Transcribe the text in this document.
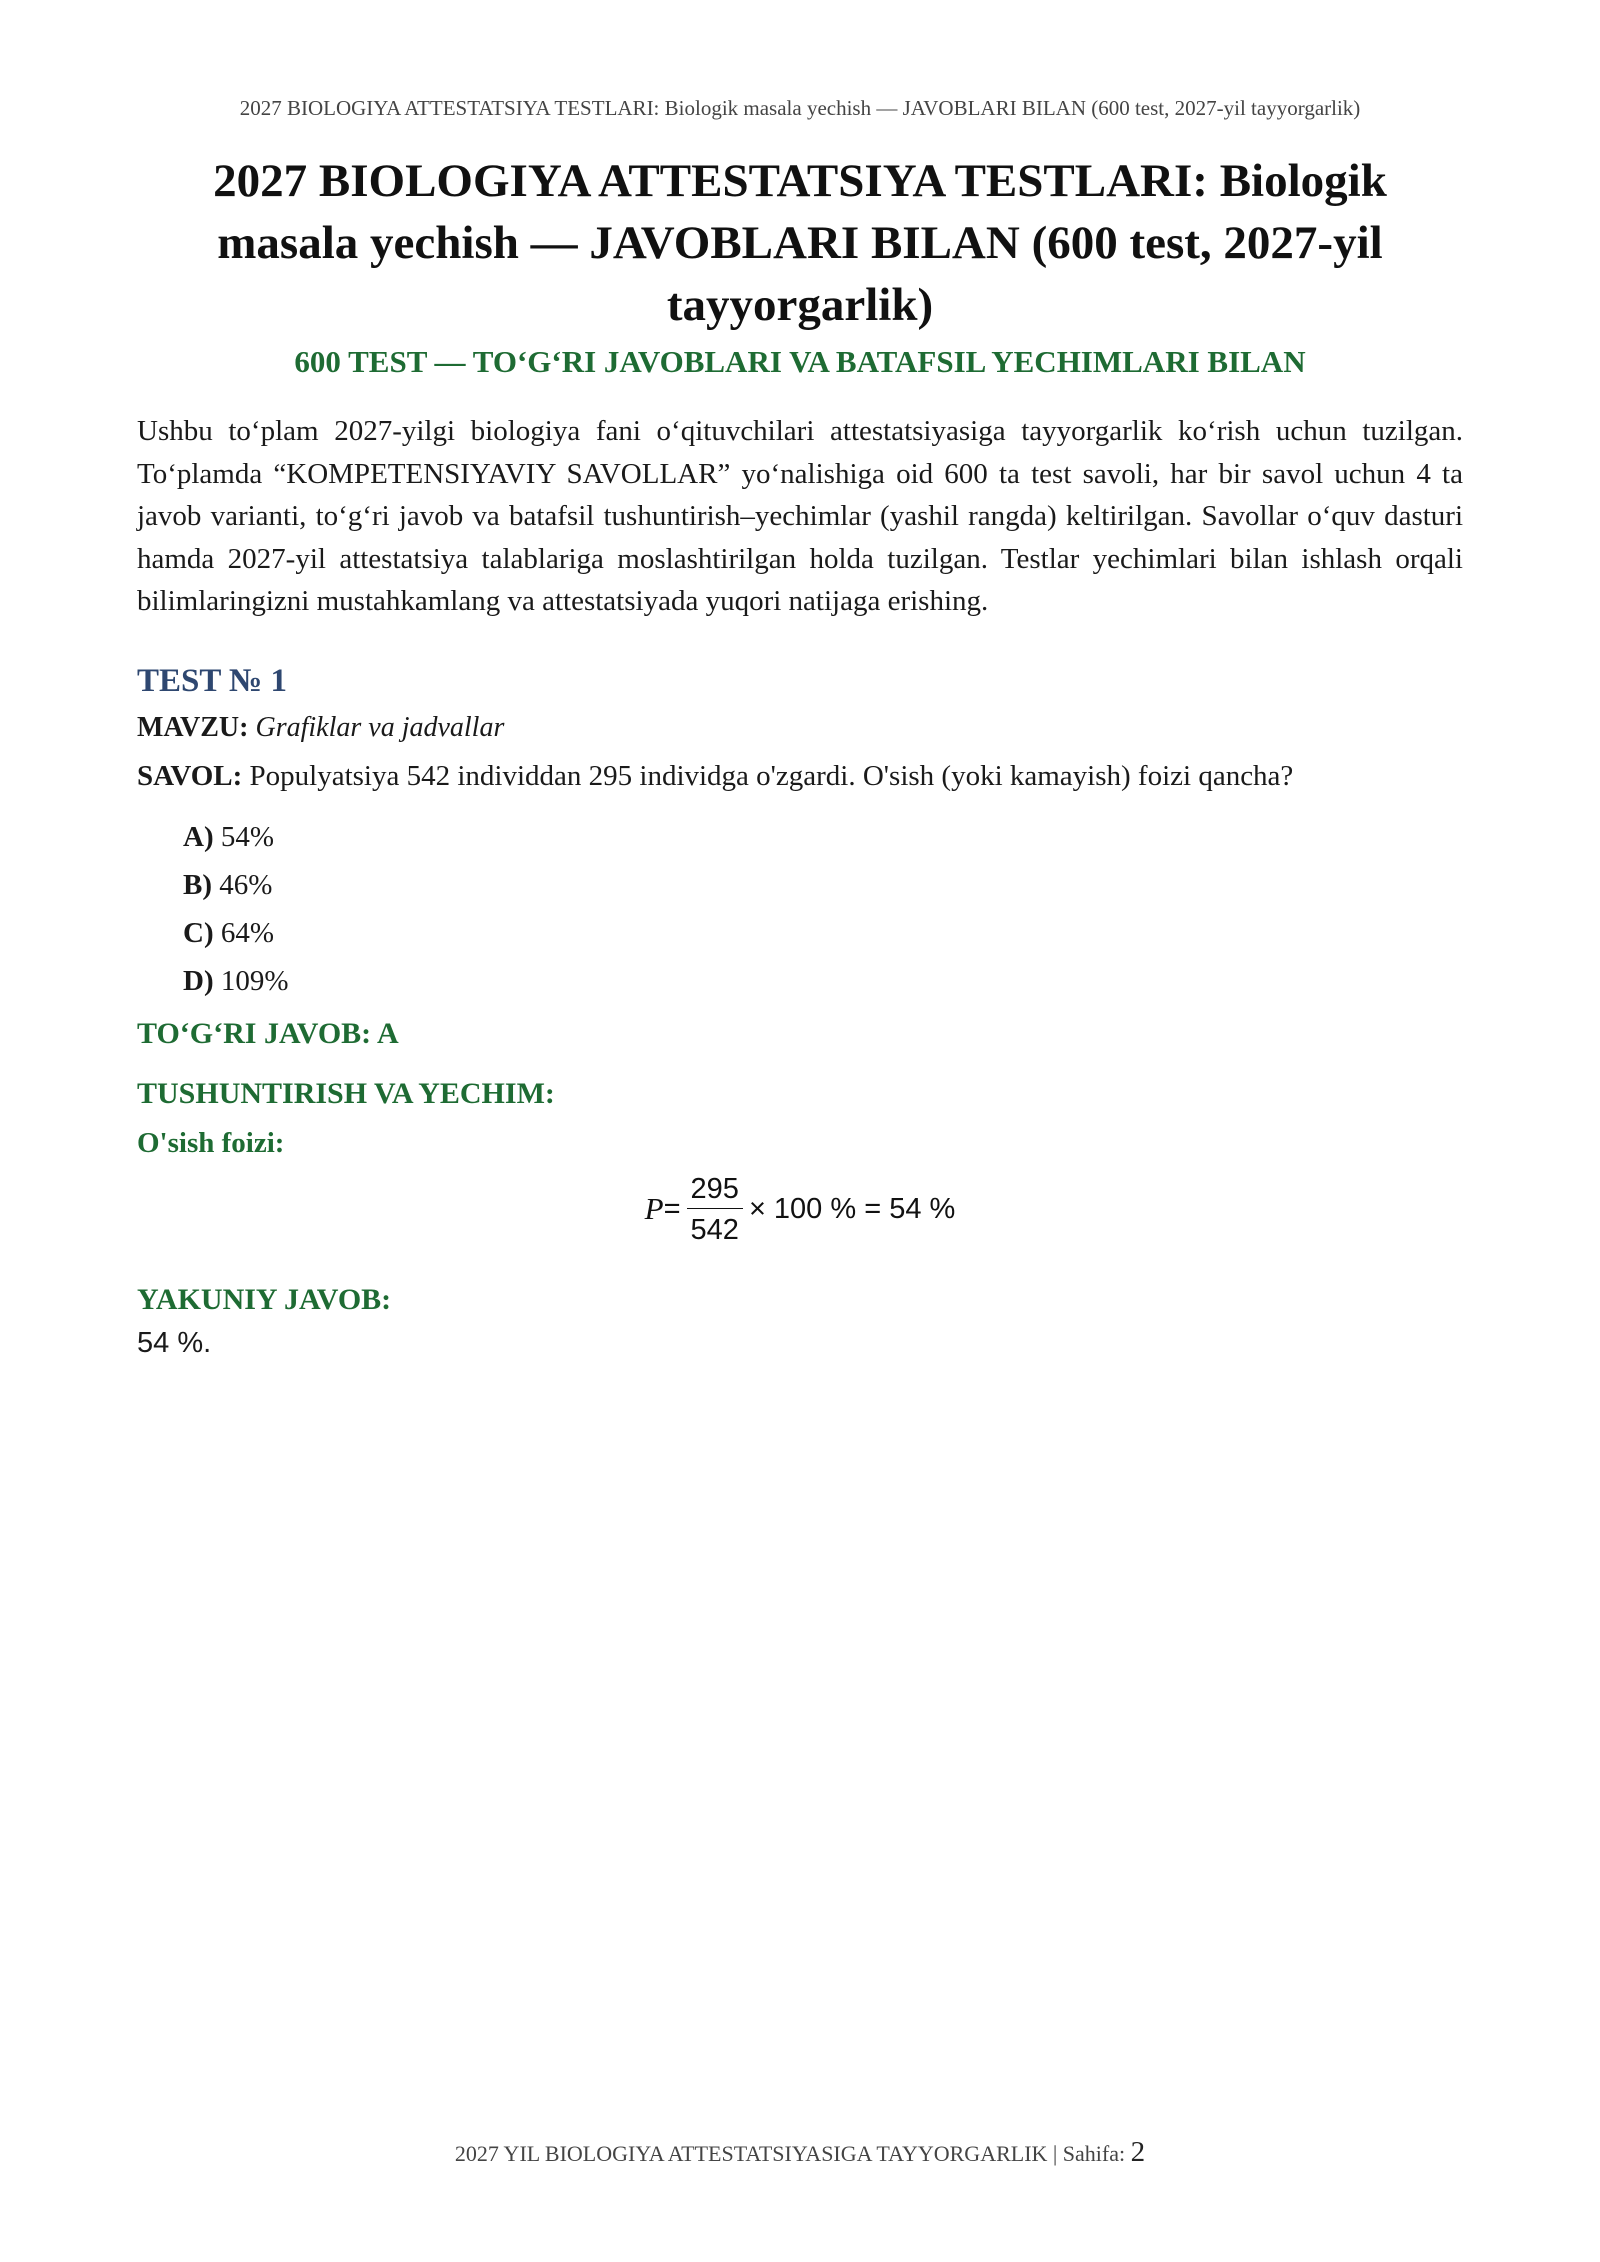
2027 BIOLOGIYA ATTESTATSIYA TESTLARI: Biologik masala yechish — JAVOBLARI BILAN (600 test, 2027-yil tayyorgarlik)
2027 BIOLOGIYA ATTESTATSIYA TESTLARI: Biologik
masala yechish — JAVOBLARI BILAN (600 test, 2027-yil
tayyorgarlik)
600 TEST — TO‘G‘RI JAVOBLARI VA BATAFSIL YECHIMLARI BILAN

Ushbu to‘plam 2027-yilgi biologiya fani o‘qituvchilari attestatsiyasiga tayyorgarlik ko‘rish uchun tuzilgan. To‘plamda “KOMPETENSIYAVIY SAVOLLAR” yo‘nalishiga oid 600 ta test savoli, har bir savol uchun 4 ta javob varianti, to‘g‘ri javob va batafsil tushuntirish–yechimlar (yashil rangda) keltirilgan. Savollar o‘quv dasturi hamda 2027-yil attestatsiya talablariga moslashtirilgan holda tuzilgan. Testlar yechimlari bilan ishlash orqali bilimlaringizni mustahkamlang va attestatsiyada yuqori natijaga erishing.

TEST № 1
MAVZU: Grafiklar va jadvallar
SAVOL: Populyatsiya 542 individdan 295 individga o'zgardi. O'sish (yoki kamayish) foizi qancha?
A) 54%
B) 46%
C) 64%
D) 109%
TO‘G‘RI JAVOB: A
TUSHUNTIRISH VA YECHIM:
O'sish foizi:
$P = \frac{295}{542} \times 100$ % = 54 %
YAKUNIY JAVOB:
54 %.
2027 YIL BIOLOGIYA ATTESTATSIYASIGA TAYYORGARLIK | Sahifa: 2
